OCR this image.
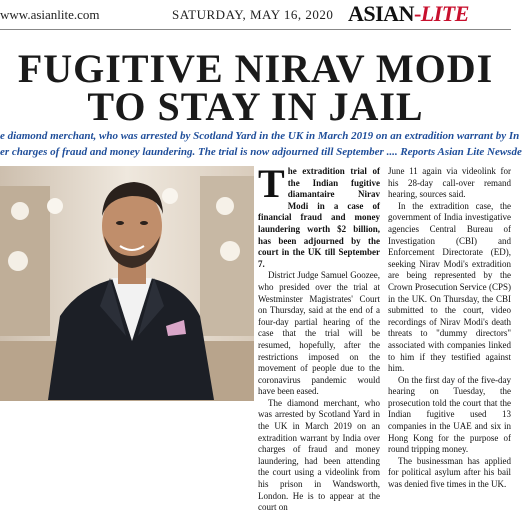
www.asianlite.com	SATURDAY, MAY 16, 2020 ASIAN-LITE
FUGITIVE NIRAV MODI
TO STAY IN JAIL
e diamond merchant, who was arrested by Scotland Yard in the UK in March 2019 on an extradition warrant by In
er charges of fraud and money laundering. The trial is now adjourned till September .... Reports Asian Lite Newsde

The extradition trial of the Indian fugitive diamantaire Nirav Modi in a case of financial fraud and money laundering worth $2 billion, has been adjourned by the court in the UK till September 7.

District Judge Samuel Goozee, who presided over the trial at Westminster Magistrates' Court on Thursday, said at the end of a four-day partial hearing of the case that the trial will be resumed, hopefully, after the restrictions imposed on the movement of people due to the coronavirus pandemic would have been eased.

The diamond merchant, who was arrested by Scotland Yard in the UK in March 2019 on an extradition warrant by India over charges of fraud and money laundering, had been attending the court using a videolink from his prison in Wandsworth, London. He is to appear at the court on

June 11 again via videolink for his 28-day call-over remand hearing, sources said.

In the extradition case, the government of India investigative agencies Central Bureau of Investigation (CBI) and Enforcement Directorate (ED), seeking Nirav Modi's extradition are being represented by the Crown Prosecution Service (CPS) in the UK. On Thursday, the CBI submitted to the court, video recordings of Nirav Modi's death threats to "dummy directors" associated with companies linked to him if they testified against him.

On the first day of the five-day hearing on Tuesday, the prosecution told the court that the Indian fugitive used 13 companies in the UAE and six in Hong Kong for the purpose of round tripping money.

The businessman has applied for political asylum after his bail was denied five times in the UK.
